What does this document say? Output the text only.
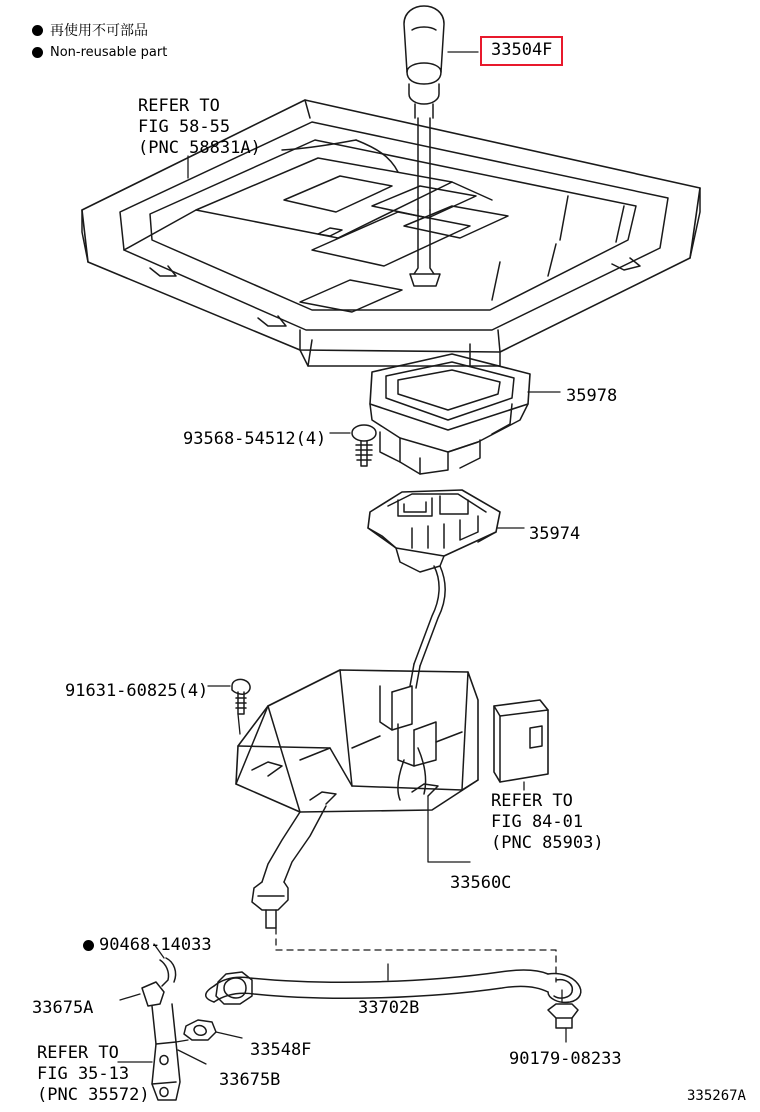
再使用不可部品
Non-reusable part	33504F
REFER TO
FIG 58-55
(PNC 58831A)
35978
93568-54512(4)
35974
91631-60825(4)
REFER TO
FIG 84-01
(PNC 85903)
33560C
90468-14033
33675A	33702B
REFER TO
FIG 35-13
(PNC 35572)
33548F
33675B
90179-08233
335267A
